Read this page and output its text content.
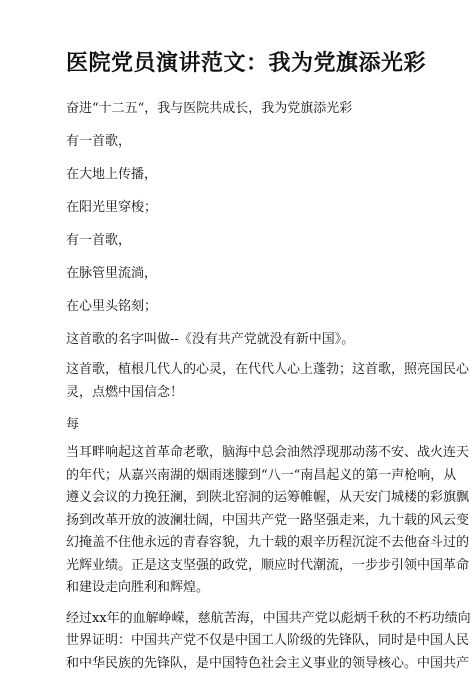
医院党员演讲范文：我为党旗添光彩

奋进“十二五“，我与医院共成长，我为党旗添光彩

有一首歌，

在大地上传播，

在阳光里穿梭；

有一首歌，

在脉管里流淌，

在心里头铭刻；

这首歌的名字叫做--《没有共产党就没有新中国》。

这首歌，植根几代人的心灵，在代代人心上蓬勃；这首歌，照亮国民心

灵，点燃中国信念！

每

当耳畔响起这首革命老歌，脑海中总会油然浮现那动荡不安、战火连天

的年代；从嘉兴南湖的烟雨迷朦到“八一“南昌起义的第一声枪响，从

遵义会议的力挽狂澜，到陕北窑洞的运筹帷幄，从天安门城楼的彩旗飘

扬到改革开放的波澜壮阔，中国共产党一路坚强走来，九十载的风云变

幻掩盖不住他永远的青春容貌，九十载的艰辛历程沉淀不去他奋斗过的

光辉业绩。正是这支坚强的政党，顺应时代潮流，一步步引领中国革命

和建设走向胜利和辉煌。

经过xx年的血解峥嵘，慈航苦海，中国共产党以彪炳千秋的不朽功绩向

世界证明：中国共产党不仅是中国工人阶级的先锋队，同时是中国人民

和中华民族的先锋队，是中国特色社会主义事业的领导核心。中国共产
